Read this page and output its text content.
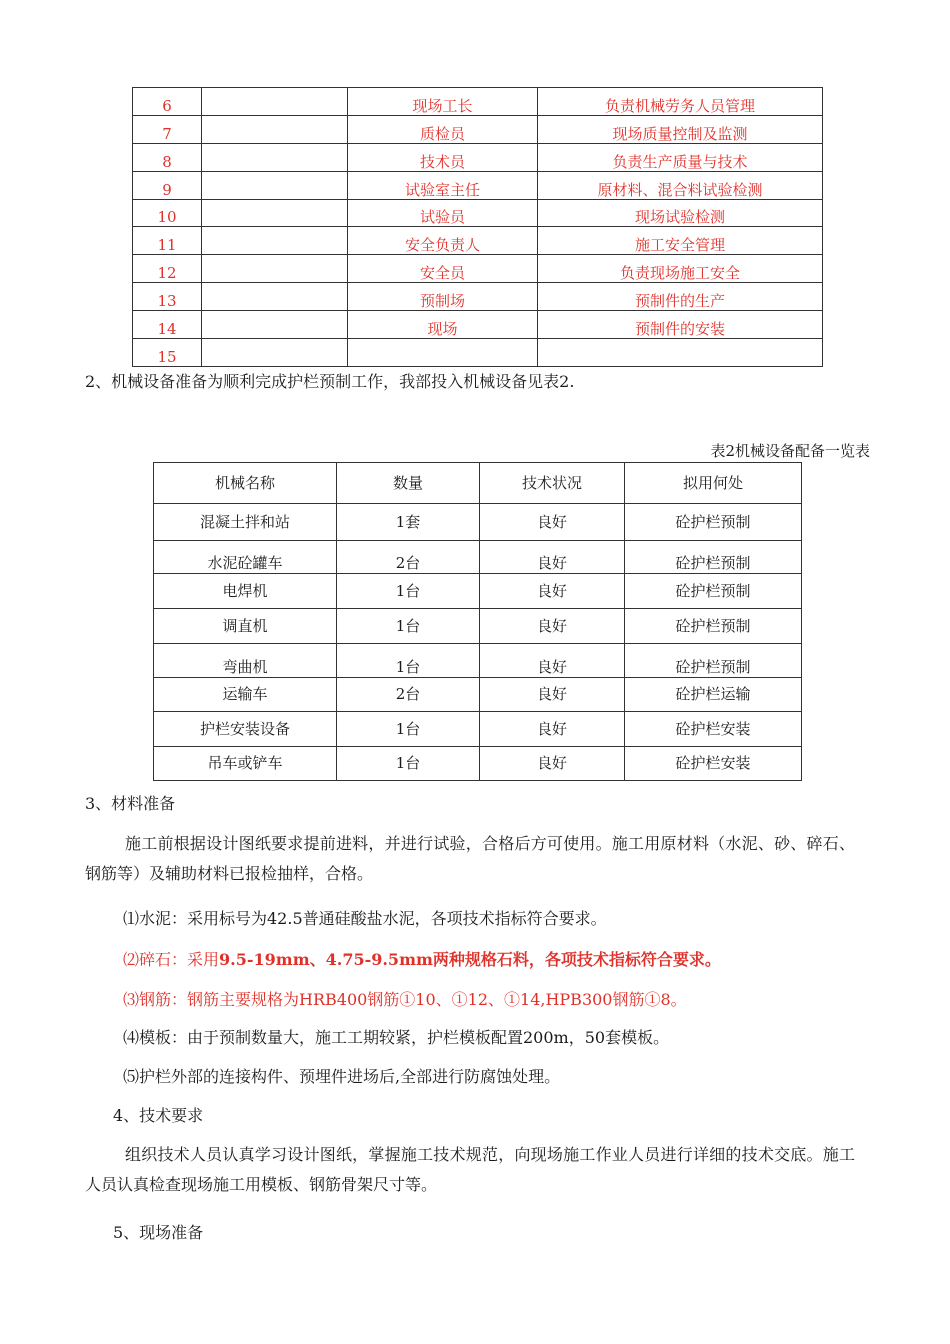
6		现场工长	负责机械劳务人员管理
7		质检员	现场质量控制及监测
8		技术员	负责生产质量与技术
9		试验室主任	原材料、混合料试验检测
10		试验员	现场试验检测
11		安全负责人	施工安全管理
12		安全员	负责现场施工安全
13		预制场	预制件的生产
14		现场	预制件的安装
15			
2、机械设备准备为顺利完成护栏预制工作，我部投入机械设备见表2.
表2机械设备配备一览表
机械名称	数量	技术状况	拟用何处
混凝土拌和站	1套	良好	砼护栏预制
水泥砼罐车	2台	良好	砼护栏预制
电焊机	1台	良好	砼护栏预制
调直机	1台	良好	砼护栏预制
弯曲机	1台	良好	砼护栏预制
运输车	2台	良好	砼护栏运输
护栏安装设备	1台	良好	砼护栏安装
吊车或铲车	1台	良好	砼护栏安装
3、材料准备
施工前根据设计图纸要求提前进料，并进行试验，合格后方可使用。施工用原材料（水泥、砂、碎石、钢筋等）及辅助材料已报检抽样，合格。
⑴水泥：采用标号为42.5普通硅酸盐水泥，各项技术指标符合要求。
⑵碎石：采用9.5-19mm、4.75-9.5mm两种规格石料，各项技术指标符合要求。
⑶钢筋：钢筋主要规格为HRB400钢筋①10、①12、①14,HPB300钢筋①8。
⑷模板：由于预制数量大，施工工期较紧，护栏模板配置200m，50套模板。
⑸护栏外部的连接构件、预埋件进场后,全部进行防腐蚀处理。
4、技术要求
组织技术人员认真学习设计图纸，掌握施工技术规范，向现场施工作业人员进行详细的技术交底。施工人员认真检查现场施工用模板、钢筋骨架尺寸等。
5、现场准备
